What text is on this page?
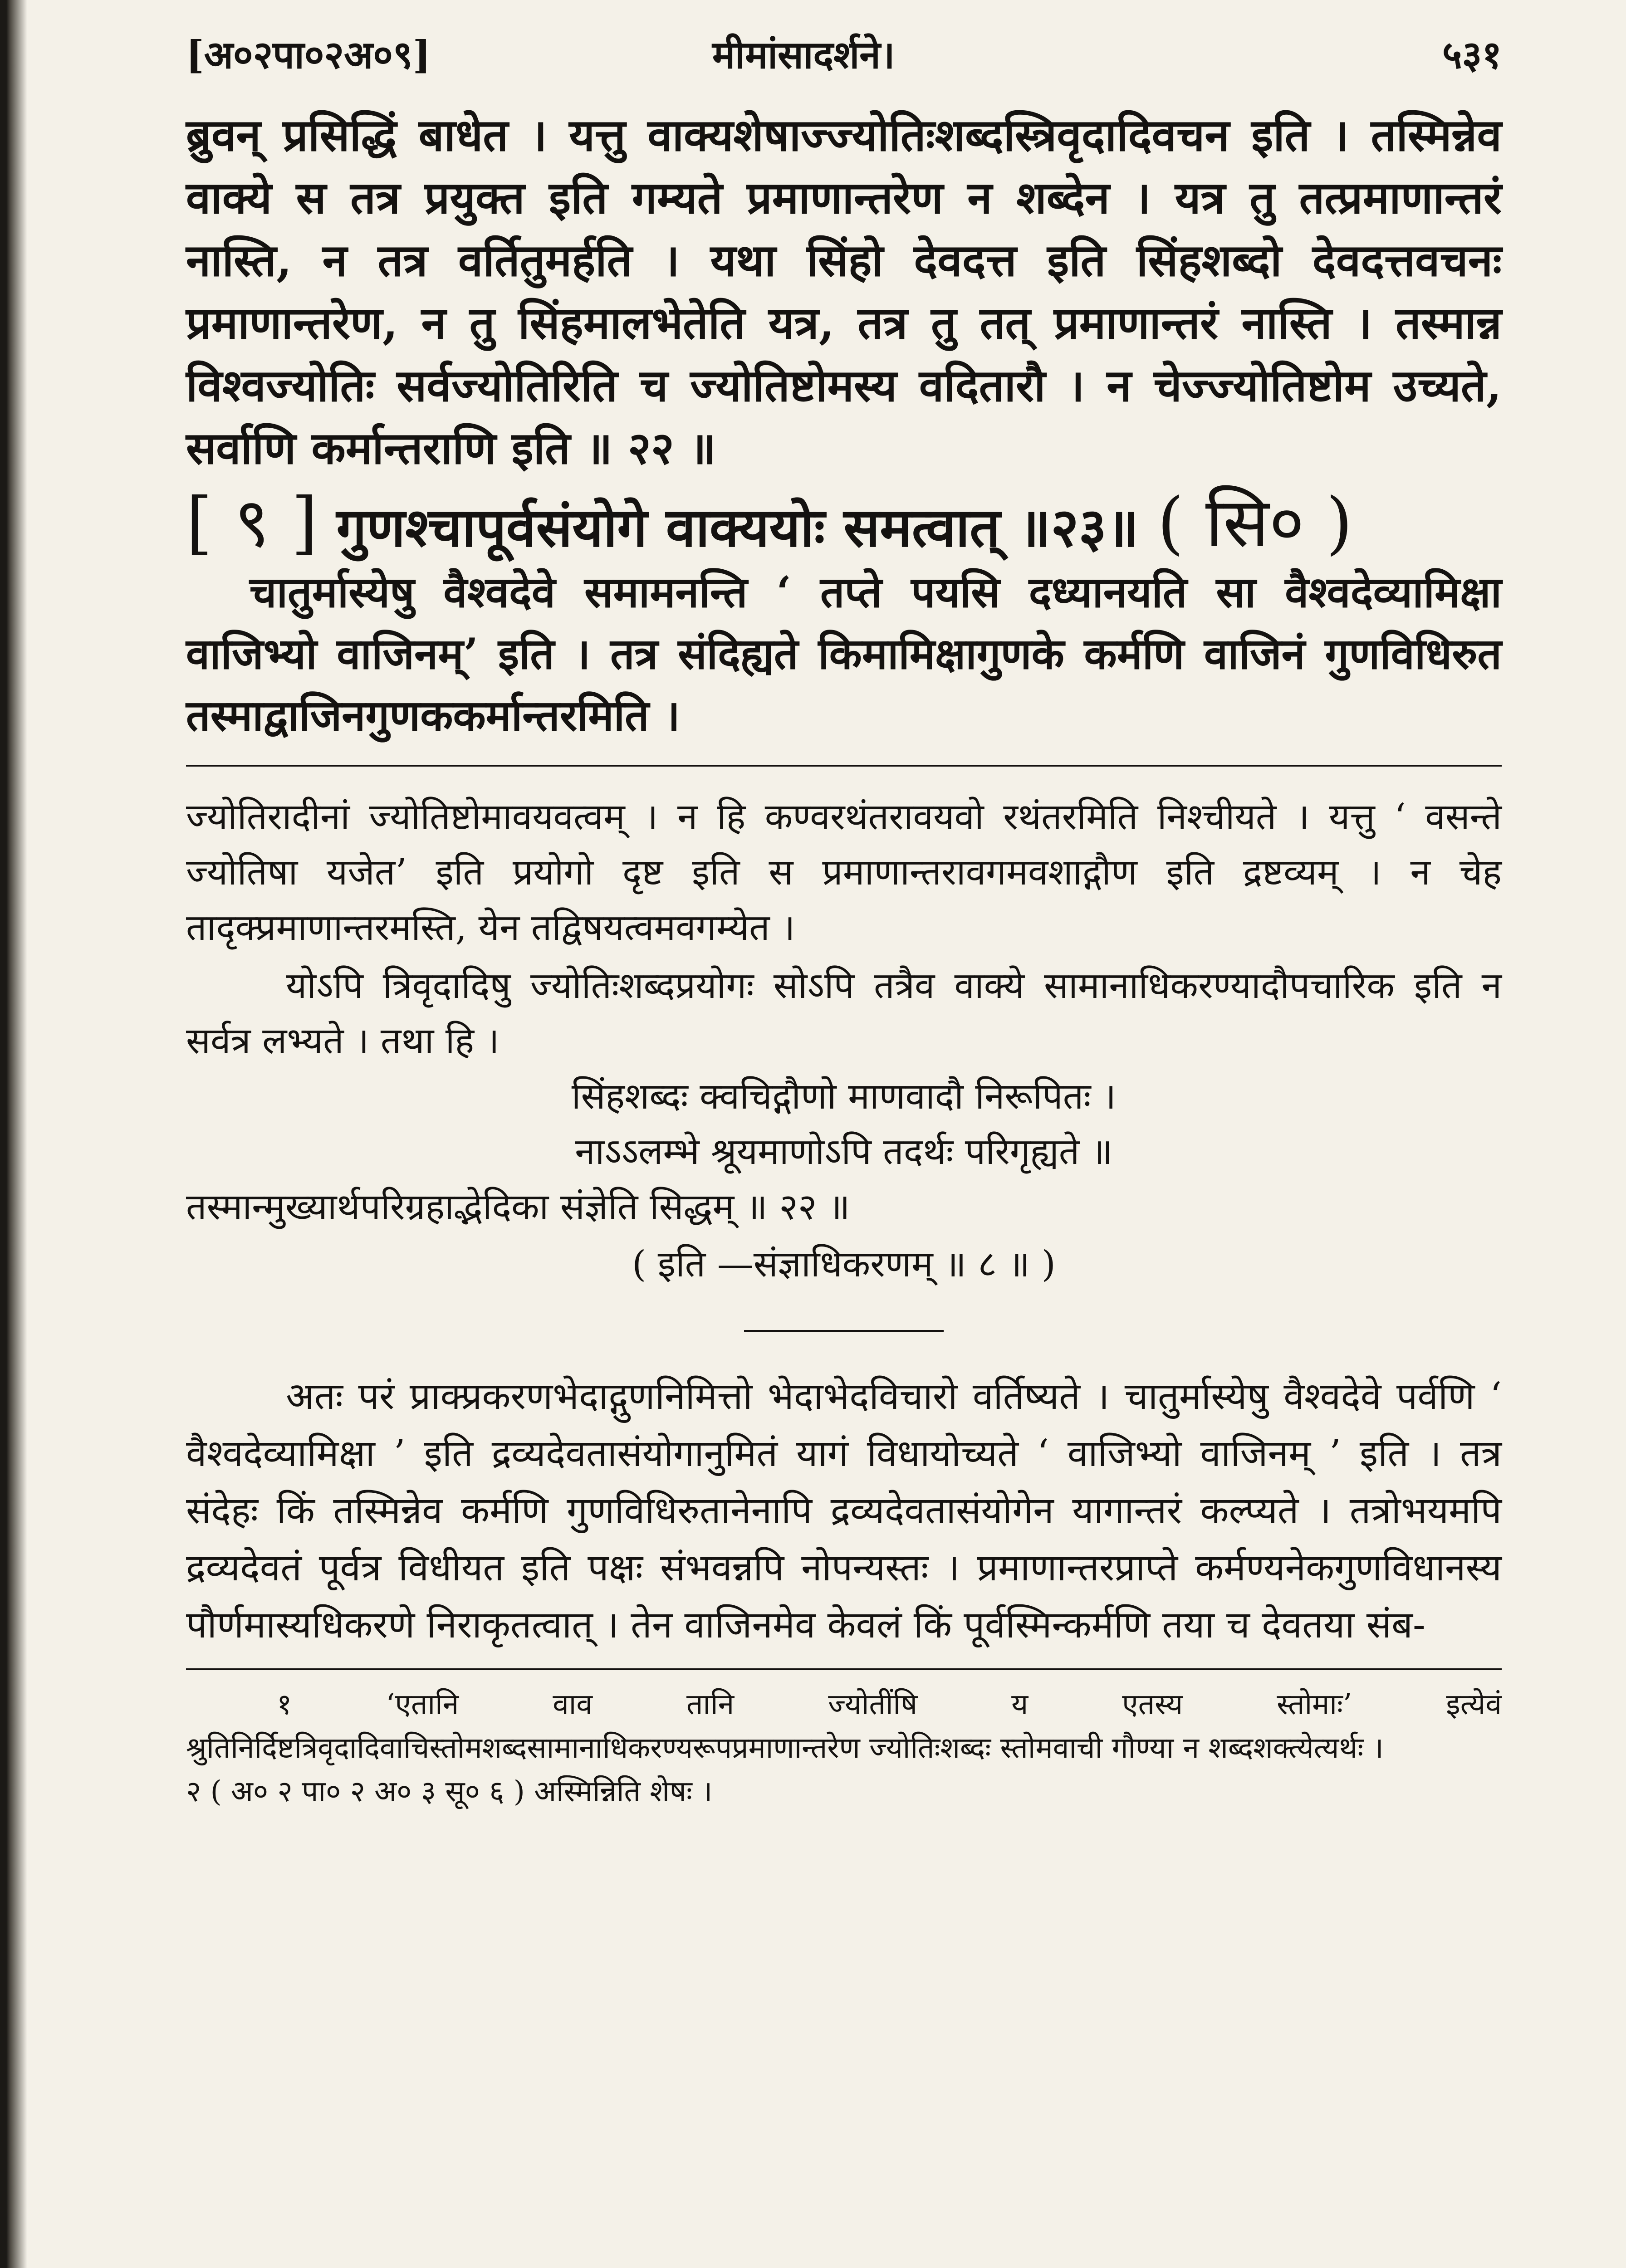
[अ०२पा०२अ०९]	मीमांसादर्शने।	५३१

ब्रुवन् प्रसिद्धिं बाधेत । यत्तु वाक्यशेषाज्ज्योतिःशब्दस्त्रिवृदादिवचन इति । तस्मिन्नेव वाक्ये स तत्र प्रयुक्त इति गम्यते प्रमाणान्तरेण न शब्देन । यत्र तु तत्प्रमाणान्तरं नास्ति, न तत्र वर्तितुमर्हति । यथा सिंहो देवदत्त इति सिंहशब्दो देवदत्तवचनः प्रमाणान्तरेण, न तु सिंहमालभेतेति यत्र, तत्र तु तत् प्रमाणान्तरं नास्ति । तस्मान्न विश्वज्योतिः सर्वज्योतिरिति च ज्योतिष्टोमस्य वदितारौ । न चेज्ज्योतिष्टोम उच्यते, सर्वाणि कर्मान्तराणि इति ॥ २२ ॥

[ ९ ] गुणश्चापूर्वसंयोगे वाक्ययोः समत्वात् ॥२३॥ ( सि० )

चातुर्मास्येषु वैश्वदेवे समामनन्ति ‘ तप्ते पयसि दध्यानयति सा वैश्वदेव्यामिक्षा वाजिभ्यो वाजिनम्’ इति । तत्र संदिह्यते किमामिक्षागुणके कर्मणि वाजिनं गुणविधिरुत तस्माद्वाजिनगुणककर्मान्तरमिति ।

ज्योतिरादीनां ज्योतिष्टोमावयवत्वम् । न हि कण्वरथंतरावयवो रथंतरमिति निश्चीयते । यत्तु ‘ वसन्ते ज्योतिषा यजेत’ इति प्रयोगो दृष्ट इति स प्रमाणान्तरावगमवशाद्गौण इति द्रष्टव्यम् । न चेह तादृक्प्रमाणान्तरमस्ति, येन तद्विषयत्वमवगम्येत ।

योऽपि त्रिवृदादिषु ज्योतिःशब्दप्रयोगः सोऽपि तत्रैव वाक्ये सामानाधिकरण्यादौपचारिक इति न सर्वत्र लभ्यते । तथा हि ।

सिंहशब्दः क्वचिद्गौणो माणवादौ निरूपितः ।

नाऽऽलम्भे श्रूयमाणोऽपि तदर्थः परिगृह्यते ॥

तस्मान्मुख्यार्थपरिग्रहाद्भेदिका संज्ञेति सिद्धम् ॥ २२ ॥

( इति —संज्ञाधिकरणम् ॥ ८ ॥ )

अतः परं प्राक्प्रकरणभेदाद्गुणनिमित्तो भेदाभेदविचारो वर्तिष्यते । चातुर्मास्येषु वैश्वदेवे पर्वणि ‘ वैश्वदेव्यामिक्षा ’ इति द्रव्यदेवतासंयोगानुमितं यागं विधायोच्यते ‘ वाजिभ्यो वाजिनम् ’ इति । तत्र संदेहः किं तस्मिन्नेव कर्मणि गुणविधिरुतानेनापि द्रव्यदेवतासंयोगेन यागान्तरं कल्प्यते । तत्रोभयमपि द्रव्यदेवतं पूर्वत्र विधीयत इति पक्षः संभवन्नपि नोपन्यस्तः । प्रमाणान्तरप्राप्ते कर्मण्यनेकगुणविधानस्य पौर्णमास्यधिकरणे निराकृतत्वात् । तेन वाजिनमेव केवलं किं पूर्वस्मिन्कर्मणि तया च देवतया संब-

१ ‘एतानि वाव तानि ज्योतींषि य एतस्य स्तोमाः’ इत्येवं श्रुतिनिर्दिष्टत्रिवृदादिवाचिस्तोमशब्दसामानाधिकरण्यरूपप्रमाणान्तरेण ज्योतिःशब्दः स्तोमवाची गौण्या न शब्दशक्त्येत्यर्थः ।

२ ( अ० २ पा० २ अ० ३ सू० ६ ) अस्मिन्निति शेषः ।
